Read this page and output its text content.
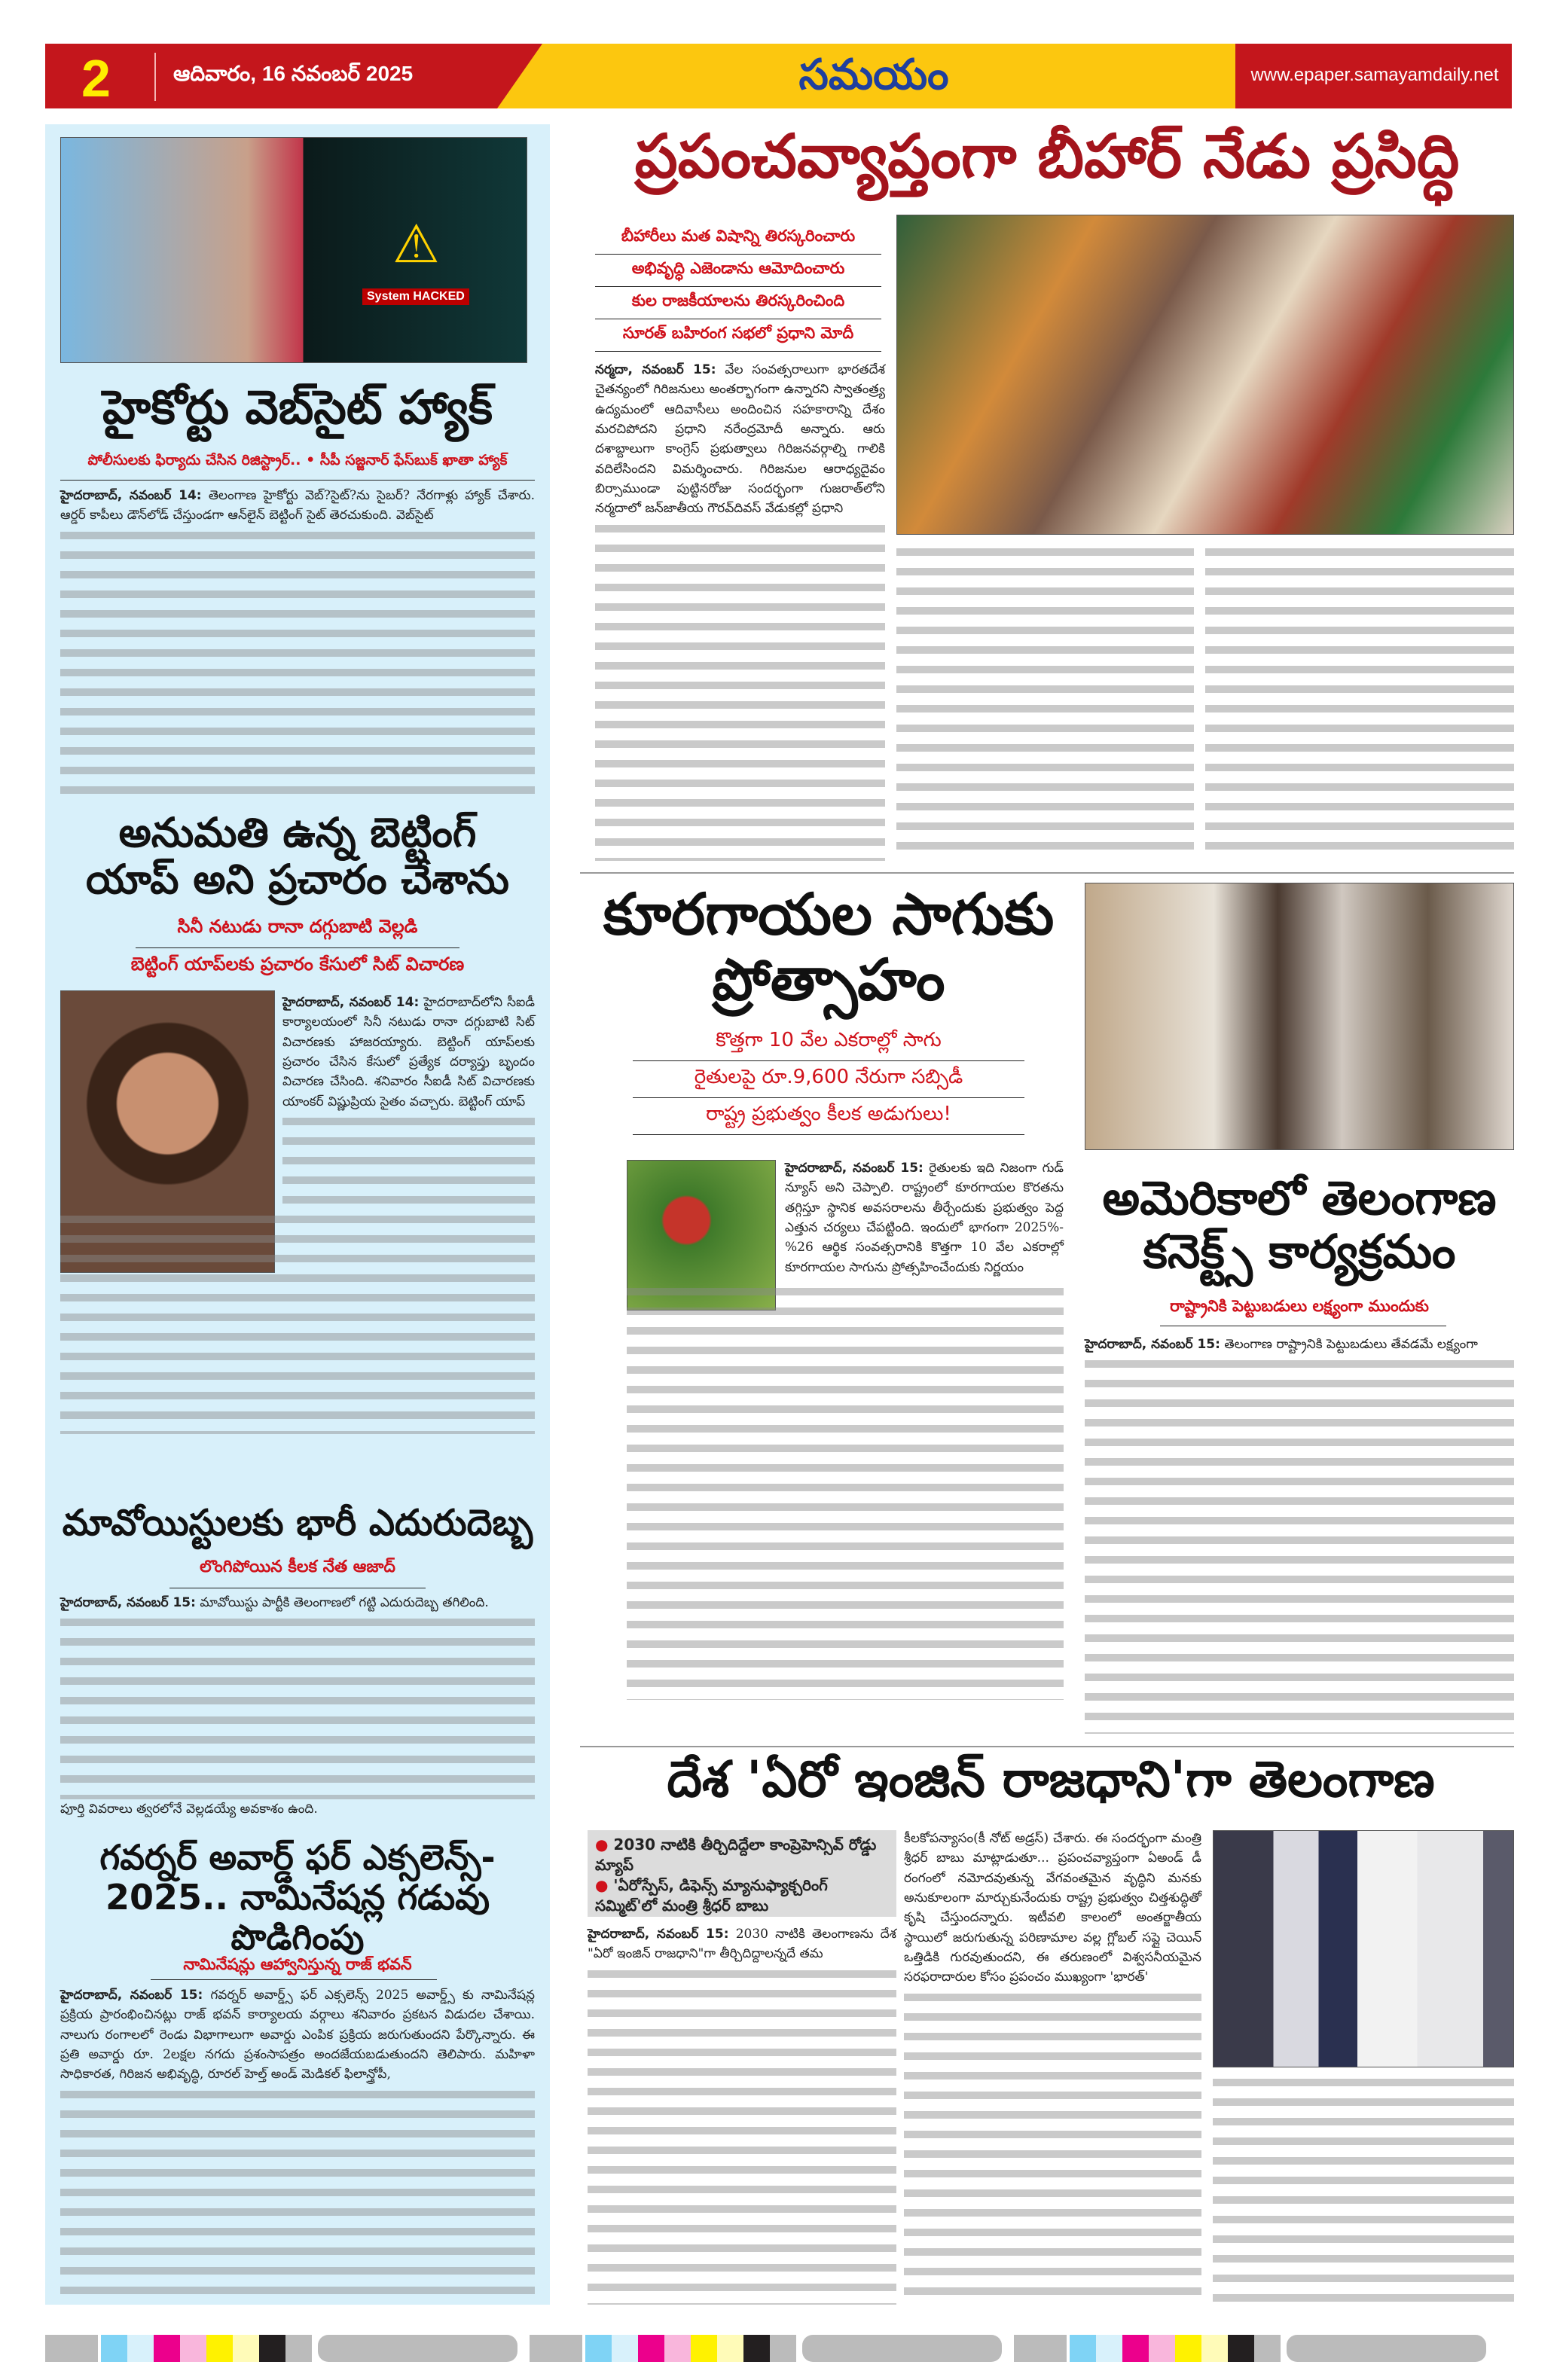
2	ఆదివారం, 16 నవంబర్ 2025	సమయం	www.epaper.samayamdaily.net
System HACKED
⚠
హైకోర్టు వెబ్‌సైట్ హ్యాక్
పోలీసులకు ఫిర్యాదు చేసిన రిజిస్ట్రార్.. • సీపీ సజ్జనార్ ఫేస్‌బుక్ ఖాతా హ్యాక్

హైదరాబాద్, నవంబర్ 14: తెలంగాణ హైకోర్టు వెబ్?సైట్?ను సైబర్? నేరగాళ్లు హ్యాక్ చేశారు. ఆర్డర్ కాపీలు డౌన్‌లోడ్ చేస్తుండగా ఆన్‌లైన్ బెట్టింగ్ సైట్ తెరచుకుంది. వెబ్‌సైట్

అనుమతి ఉన్న బెట్టింగ్ యాప్ అని ప్రచారం చేశాను
సినీ నటుడు రానా దగ్గుబాటి వెల్లడి
బెట్టింగ్ యాప్‌లకు ప్రచారం కేసులో సిట్ విచారణ

హైదరాబాద్, నవంబర్ 14: హైదరాబాద్‌లోని సీఐడీ కార్యాలయంలో సినీ నటుడు రానా దగ్గుబాటి సిట్ విచారణకు హాజరయ్యారు. బెట్టింగ్ యాప్‌లకు ప్రచారం చేసిన కేసులో ప్రత్యేక దర్యాప్తు బృందం విచారణ చేసింది. శనివారం సీఐడీ సిట్ విచారణకు యాంకర్ విష్ణుప్రియ సైతం వచ్చారు. బెట్టింగ్ యాప్

మావోయిస్టులకు భారీ ఎదురుదెబ్బ
లొంగిపోయిన కీలక నేత ఆజాద్

హైదరాబాద్, నవంబర్ 15: మావోయిస్టు పార్టీకి తెలంగాణలో గట్టి ఎదురుదెబ్బ తగిలింది.

పూర్తి వివరాలు త్వరలోనే వెల్లడయ్యే అవకాశం ఉంది.

గవర్నర్ అవార్డ్ ఫర్ ఎక్సలెన్స్- 2025.. నామినేషన్ల గడువు పొడిగింపు
నామినేషన్లు ఆహ్వానిస్తున్న రాజ్ భవన్

హైదరాబాద్, నవంబర్ 15: గవర్నర్ అవార్డ్స్ ఫర్ ఎక్సలెన్స్ 2025 అవార్డ్స్ కు నామినేషన్ల ప్రక్రియ ప్రారంభించినట్లు రాజ్ భవన్ కార్యాలయ వర్గాలు శనివారం ప్రకటన విడుదల చేశాయి. నాలుగు రంగాలలో రెండు విభాగాలుగా అవార్డు ఎంపిక ప్రక్రియ జరుగుతుందని పేర్కొన్నారు. ఈ ప్రతి అవార్డు రూ. 2లక్షల నగదు ప్రశంసాపత్రం అందజేయబడుతుందని తెలిపారు. మహిళా సాధికారత, గిరిజన అభివృద్ధి, రూరల్ హెల్త్ అండ్ మెడికల్ ఫిలాన్త్రోపీ,

ప్రపంచవ్యాప్తంగా బీహార్ నేడు ప్రసిద్ధి
బీహారీలు మత విషాన్ని తిరస్కరించారు
అభివృద్ధి ఎజెండాను ఆమోదించారు
కుల రాజకీయాలను తిరస్కరించింది
సూరత్ బహిరంగ సభలో ప్రధాని మోదీ

నర్మదా, నవంబర్ 15: వేల సంవత్సరాలుగా భారతదేశ చైతన్యంలో గిరిజనులు అంతర్భాగంగా ఉన్నారని స్వాతంత్ర్య ఉద్యమంలో ఆదివాసీలు అందించిన సహకారాన్ని దేశం మరచిపోదని ప్రధాని నరేంద్రమోదీ అన్నారు. ఆరు దశాబ్దాలుగా కాంగ్రెస్ ప్రభుత్వాలు గిరిజనవర్గాల్ని గాలికి వదిలేసిందని విమర్శించారు. గిరిజనుల ఆరాధ్యదైవం బిర్సాముండా పుట్టినరోజు సందర్భంగా గుజరాత్‌లోని నర్మదాలో జన్‌జాతీయ గౌరవ్‌దివస్ వేడుకల్లో ప్రధాని

కూరగాయల సాగుకు ప్రోత్సాహం
కొత్తగా 10 వేల ఎకరాల్లో సాగు
రైతులపై రూ.9,600 నేరుగా సబ్సిడీ
రాష్ట్ర ప్రభుత్వం కీలక అడుగులు!

హైదరాబాద్, నవంబర్ 15: రైతులకు ఇది నిజంగా గుడ్ న్యూస్ అని చెప్పాలి. రాష్ట్రంలో కూరగాయల కొరతను తగ్గిస్తూ స్థానిక అవసరాలను తీర్చేందుకు ప్రభుత్వం పెద్ద ఎత్తున చర్యలు చేపట్టింది. ఇందులో భాగంగా 2025%-%26 ఆర్థిక సంవత్సరానికి కొత్తగా 10 వేల ఎకరాల్లో కూరగాయల సాగును ప్రోత్సహించేందుకు నిర్ణయం

అమెరికాలో తెలంగాణ కనెక్ట్స్ కార్యక్రమం
రాష్ట్రానికి పెట్టుబడులు లక్ష్యంగా ముందుకు

హైదరాబాద్, నవంబర్ 15: తెలంగాణ రాష్ట్రానికి పెట్టుబడులు తేవడమే లక్ష్యంగా

దేశ 'ఏరో ఇంజిన్ రాజధాని'గా తెలంగాణ
● 2030 నాటికి తీర్చిదిద్దేలా కాంప్రెహెన్సివ్ రోడ్డు మ్యాప్
● 'ఏరోస్పేస్, డిఫెన్స్ మ్యానుఫ్యాక్చరింగ్ సమ్మిట్'లో మంత్రి శ్రీధర్ బాబు

హైదరాబాద్, నవంబర్ 15: 2030 నాటికి తెలంగాణను దేశ "ఏరో ఇంజిన్ రాజధాని"గా తీర్చిదిద్దాలన్నదే తమ

కీలకోపన్యాసం(కీ నోట్ అడ్రస్) చేశారు. ఈ సందర్భంగా మంత్రి శ్రీధర్ బాబు మాట్లాడుతూ... ప్రపంచవ్యాప్తంగా ఏఅండ్ డీ రంగంలో నమోదవుతున్న వేగవంతమైన వృద్ధిని మనకు అనుకూలంగా మార్చుకునేందుకు రాష్ట్ర ప్రభుత్వం చిత్తశుద్ధితో కృషి చేస్తుందన్నారు. ఇటీవలి కాలంలో అంతర్జాతీయ స్థాయిలో జరుగుతున్న పరిణామాల వల్ల గ్లోబల్ సప్లై చెయిన్ ఒత్తిడికి గురవుతుందని, ఈ తరుణంలో విశ్వసనీయమైన సరఫరాదారుల కోసం ప్రపంచం ముఖ్యంగా 'భారత్'
